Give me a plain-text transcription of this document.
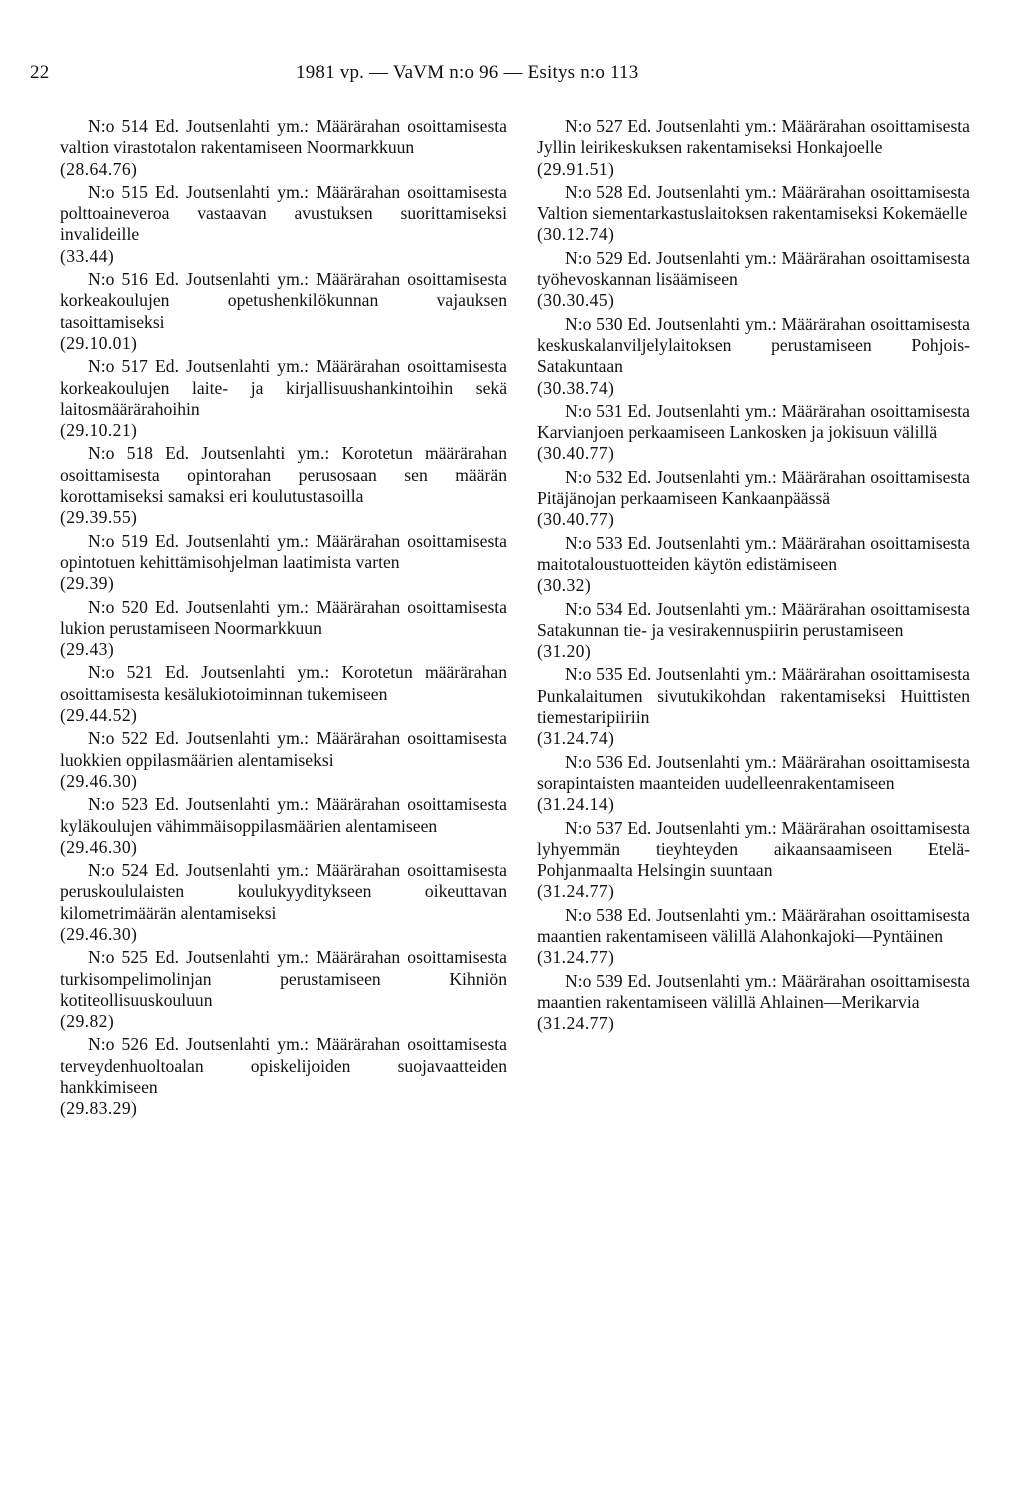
22	1981 vp. — VaVM n:o 96 — Esitys n:o 113

N:o 514 Ed. Joutsenlahti ym.: Määrärahan osoittamisesta valtion virastotalon rakentamiseen Noormarkkuun

(28.64.76)

N:o 515 Ed. Joutsenlahti ym.: Määrärahan osoittamisesta polttoaineveroa vastaavan avustuksen suorittamiseksi invalideille

(33.44)

N:o 516 Ed. Joutsenlahti ym.: Määrärahan osoittamisesta korkeakoulujen opetushenkilökunnan vajauksen tasoittamiseksi

(29.10.01)

N:o 517 Ed. Joutsenlahti ym.: Määrärahan osoittamisesta korkeakoulujen laite- ja kirjallisuushankintoihin sekä laitosmäärärahoihin

(29.10.21)

N:o 518 Ed. Joutsenlahti ym.: Korotetun määrärahan osoittamisesta opintorahan perusosaan sen määrän korottamiseksi samaksi eri koulutustasoilla

(29.39.55)

N:o 519 Ed. Joutsenlahti ym.: Määrärahan osoittamisesta opintotuen kehittämisohjelman laatimista varten

(29.39)

N:o 520 Ed. Joutsenlahti ym.: Määrärahan osoittamisesta lukion perustamiseen Noormarkkuun

(29.43)

N:o 521 Ed. Joutsenlahti ym.: Korotetun määrärahan osoittamisesta kesälukiotoiminnan tukemiseen

(29.44.52)

N:o 522 Ed. Joutsenlahti ym.: Määrärahan osoittamisesta luokkien oppilasmäärien alentamiseksi

(29.46.30)

N:o 523 Ed. Joutsenlahti ym.: Määrärahan osoittamisesta kyläkoulujen vähimmäisoppilasmäärien alentamiseen

(29.46.30)

N:o 524 Ed. Joutsenlahti ym.: Määrärahan osoittamisesta peruskoululaisten koulukyyditykseen oikeuttavan kilometrimäärän alentamiseksi

(29.46.30)

N:o 525 Ed. Joutsenlahti ym.: Määrärahan osoittamisesta turkisompelimolinjan perustamiseen Kihniön kotiteollisuuskouluun

(29.82)

N:o 526 Ed. Joutsenlahti ym.: Määrärahan osoittamisesta terveydenhuoltoalan opiskelijoiden suojavaatteiden hankkimiseen

(29.83.29)

N:o 527 Ed. Joutsenlahti ym.: Määrärahan osoittamisesta Jyllin leirikeskuksen rakentamiseksi Honkajoelle

(29.91.51)

N:o 528 Ed. Joutsenlahti ym.: Määrärahan osoittamisesta Valtion siementarkastuslaitoksen rakentamiseksi Kokemäelle

(30.12.74)

N:o 529 Ed. Joutsenlahti ym.: Määrärahan osoittamisesta työhevoskannan lisäämiseen

(30.30.45)

N:o 530 Ed. Joutsenlahti ym.: Määrärahan osoittamisesta keskuskalanviljelylaitoksen perustamiseen Pohjois-Satakuntaan

(30.38.74)

N:o 531 Ed. Joutsenlahti ym.: Määrärahan osoittamisesta Karvianjoen perkaamiseen Lankosken ja jokisuun välillä

(30.40.77)

N:o 532 Ed. Joutsenlahti ym.: Määrärahan osoittamisesta Pitäjänojan perkaamiseen Kankaanpäässä

(30.40.77)

N:o 533 Ed. Joutsenlahti ym.: Määrärahan osoittamisesta maitotaloustuotteiden käytön edistämiseen

(30.32)

N:o 534 Ed. Joutsenlahti ym.: Määrärahan osoittamisesta Satakunnan tie- ja vesirakennuspiirin perustamiseen

(31.20)

N:o 535 Ed. Joutsenlahti ym.: Määrärahan osoittamisesta Punkalaitumen sivutukikohdan rakentamiseksi Huittisten tiemestaripiiriin

(31.24.74)

N:o 536 Ed. Joutsenlahti ym.: Määrärahan osoittamisesta sorapintaisten maanteiden uudelleenrakentamiseen

(31.24.14)

N:o 537 Ed. Joutsenlahti ym.: Määrärahan osoittamisesta lyhyemmän tieyhteyden aikaansaamiseen Etelä-Pohjanmaalta Helsingin suuntaan

(31.24.77)

N:o 538 Ed. Joutsenlahti ym.: Määrärahan osoittamisesta maantien rakentamiseen välillä Alahonkajoki—Pyntäinen

(31.24.77)

N:o 539 Ed. Joutsenlahti ym.: Määrärahan osoittamisesta maantien rakentamiseen välillä Ahlainen—Merikarvia

(31.24.77)
